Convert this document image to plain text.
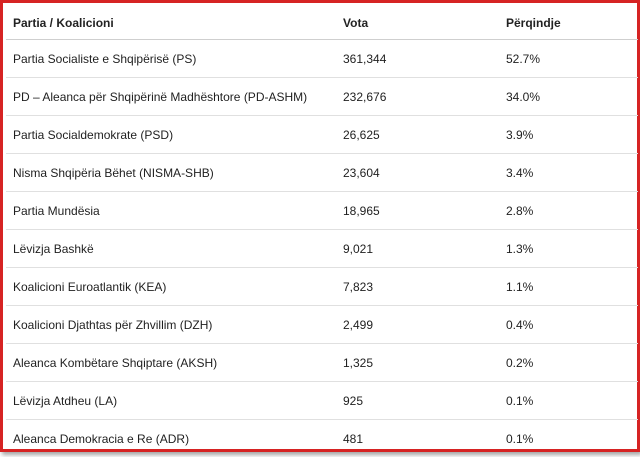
Partia / Koalicioni	Vota	Përqindje
Partia Socialiste e Shqipërisë (PS)	361,344	52.7%
PD – Aleanca për Shqipërinë Madhështore (PD-ASHM)	232,676	34.0%
Partia Socialdemokrate (PSD)	26,625	3.9%
Nisma Shqipëria Bëhet (NISMA-SHB)	23,604	3.4%
Partia Mundësia	18,965	2.8%
Lëvizja Bashkë	9,021	1.3%
Koalicioni Euroatlantik (KEA)	7,823	1.1%
Koalicioni Djathtas për Zhvillim (DZH)	2,499	0.4%
Aleanca Kombëtare Shqiptare (AKSH)	1,325	0.2%
Lëvizja Atdheu (LA)	925	0.1%
Aleanca Demokracia e Re (ADR)	481	0.1%
